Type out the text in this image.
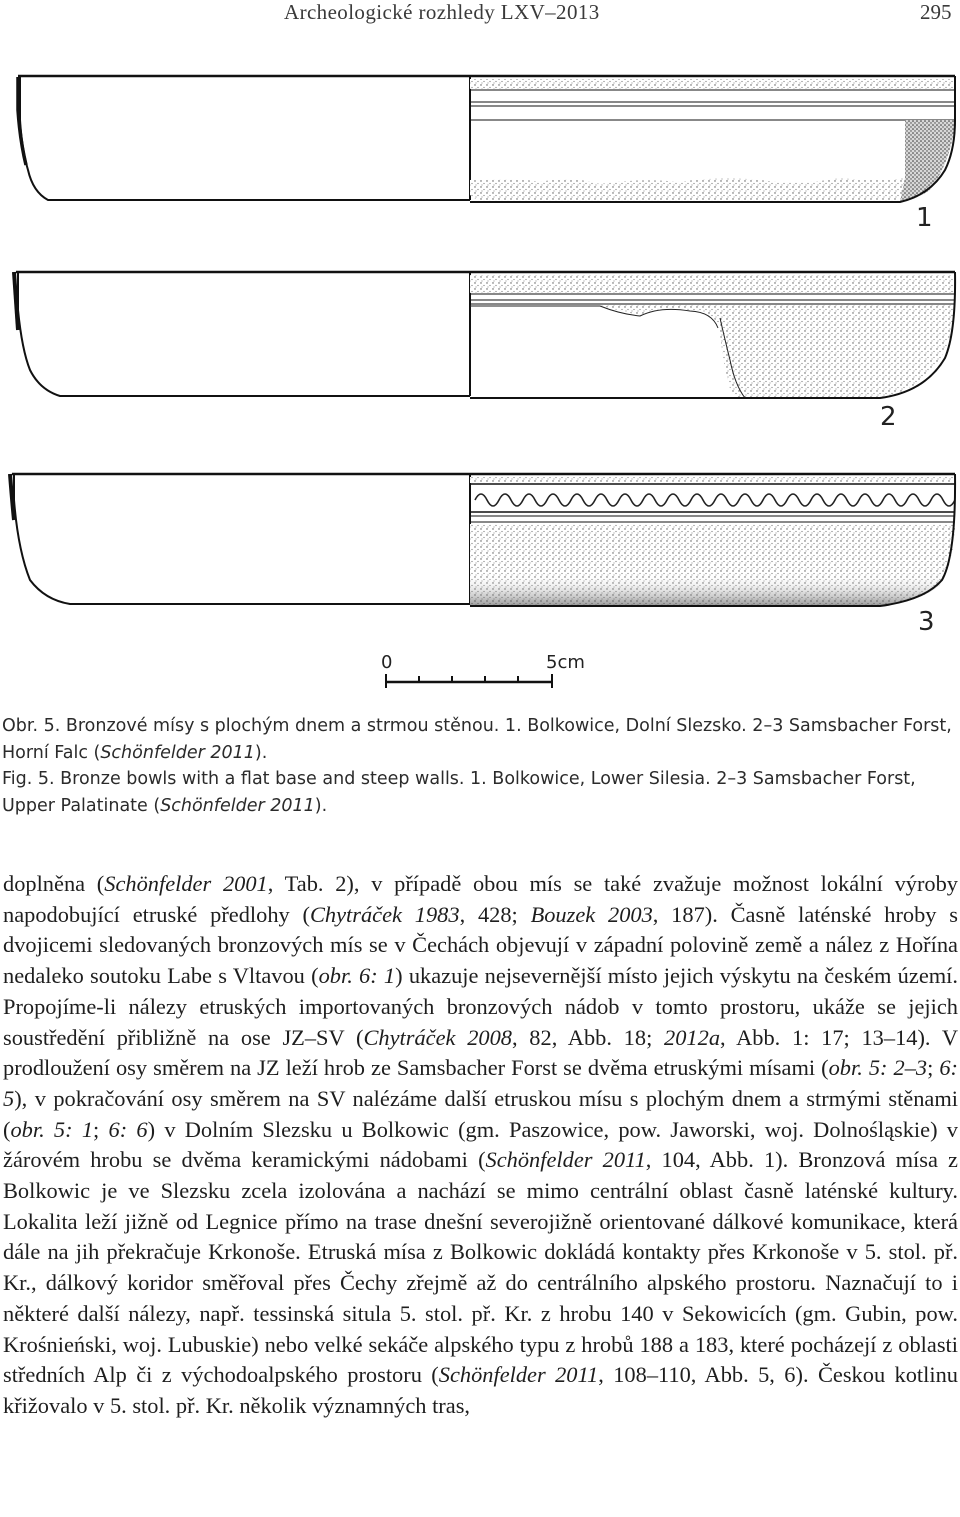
Archeologické rozhledy LXV–2013	295
1
2
3
0	5cm

Obr. 5. Bronzové mísy s plochým dnem a strmou stěnou. 1. Bolkowice, Dolní Slezsko. 2–3 Samsbacher Forst, Horní Falc (Schönfelder 2011).

Fig. 5. Bronze bowls with a flat base and steep walls. 1. Bolkowice, Lower Silesia. 2–3 Samsbacher Forst, Upper Palatinate (Schönfelder 2011).

doplněna (Schönfelder 2001, Tab. 2), v případě obou mís se také zvažuje možnost lokální výroby napodobující etruské předlohy (Chytráček 1983, 428; Bouzek 2003, 187). Časně laténské hroby s dvojicemi sledovaných bronzových mís se v Čechách objevují v západní polovině země a nález z Hořína nedaleko soutoku Labe s Vltavou (obr. 6: 1) ukazuje nejsevernější místo jejich výskytu na českém území. Propojíme-li nálezy etruských importovaných bronzových nádob v tomto prostoru, ukáže se jejich soustředění přibližně na ose JZ–SV (Chytráček 2008, 82, Abb. 18; 2012a, Abb. 1: 17; 13–14). V prodloužení osy směrem na JZ leží hrob ze Samsbacher Forst se dvěma etruskými mísami (obr. 5: 2–3; 6: 5), v pokračování osy směrem na SV nalézáme další etruskou mísu s plochým dnem a strmými stěnami (obr. 5: 1; 6: 6) v Dolním Slezsku u Bolkowic (gm. Paszowice, pow. Jaworski, woj. Dolnośląskie) v žárovém hrobu se dvěma keramickými nádobami (Schönfelder 2011, 104, Abb. 1). Bronzová mísa z Bolkowic je ve Slezsku zcela izolována a nachází se mimo centrální oblast časně laténské kultury. Lokalita leží jižně od Legnice přímo na trase dnešní severojižně orientované dálkové komunikace, která dále na jih překračuje Krkonoše. Etruská mísa z Bolkowic dokládá kontakty přes Krkonoše v 5. stol. př. Kr., dálkový koridor směřoval přes Čechy zřejmě až do centrálního alpského prostoru. Naznačují to i některé další nálezy, např. tessinská situla 5. stol. př. Kr. z hrobu 140 v Sekowicích (gm. Gubin, pow. Krośnieński, woj. Lubuskie) nebo velké sekáče alpského typu z hrobů 188 a 183, které pocházejí z oblasti středních Alp či z východoalpského prostoru (Schönfelder 2011, 108–110, Abb. 5, 6). Českou kotlinu křižovalo v 5. stol. př. Kr. několik významných tras,
